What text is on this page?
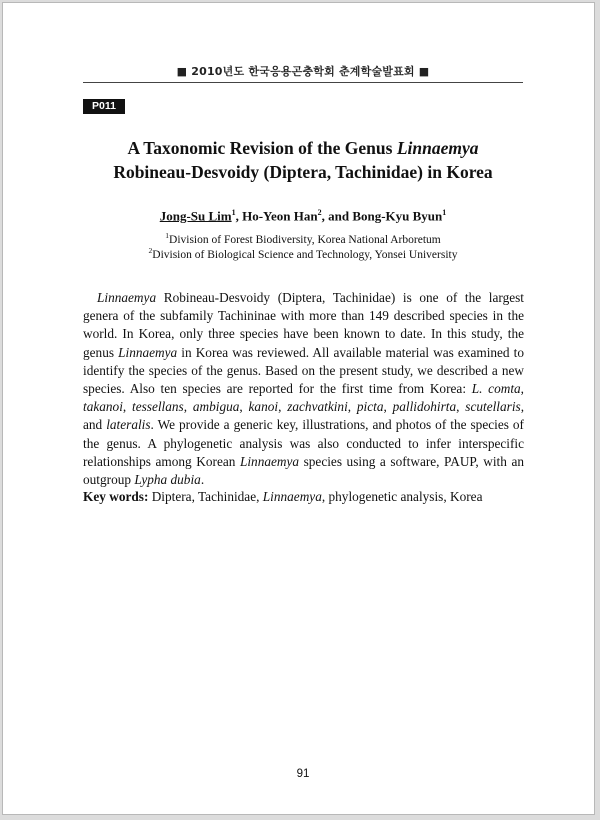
■ 2010년도 한국응용곤충학회 춘계학술발표회 ■
P011
A Taxonomic Revision of the Genus Linnaemya
Robineau-Desvoidy (Diptera, Tachinidae) in Korea
Jong-Su Lim$^1$, Ho-Yeon Han$^2$, and Bong-Kyu Byun$^1$
$^1$Division of Forest Biodiversity, Korea National Arboretum
$^2$Division of Biological Science and Technology, Yonsei University

Linnaemya Robineau-Desvoidy (Diptera, Tachinidae) is one of the largest genera of the subfamily Tachininae with more than 149 described species in the world. In Korea, only three species have been known to date. In this study, the genus Linnaemya in Korea was reviewed. All available material was examined to identify the species of the genus. Based on the present study, we described a new species. Also ten species are reported for the first time from Korea: L. comta, takanoi, tessellans, ambigua, kanoi, zachvatkini, picta, pallidohirta, scutellaris, and lateralis. We provide a generic key, illustrations, and photos of the species of the genus. A phylogenetic analysis was also conducted to infer interspecific relationships among Korean Linnaemya species using a software, PAUP, with an outgroup Lypha dubia.

Key words: Diptera, Tachinidae, Linnaemya, phylogenetic analysis, Korea

91
